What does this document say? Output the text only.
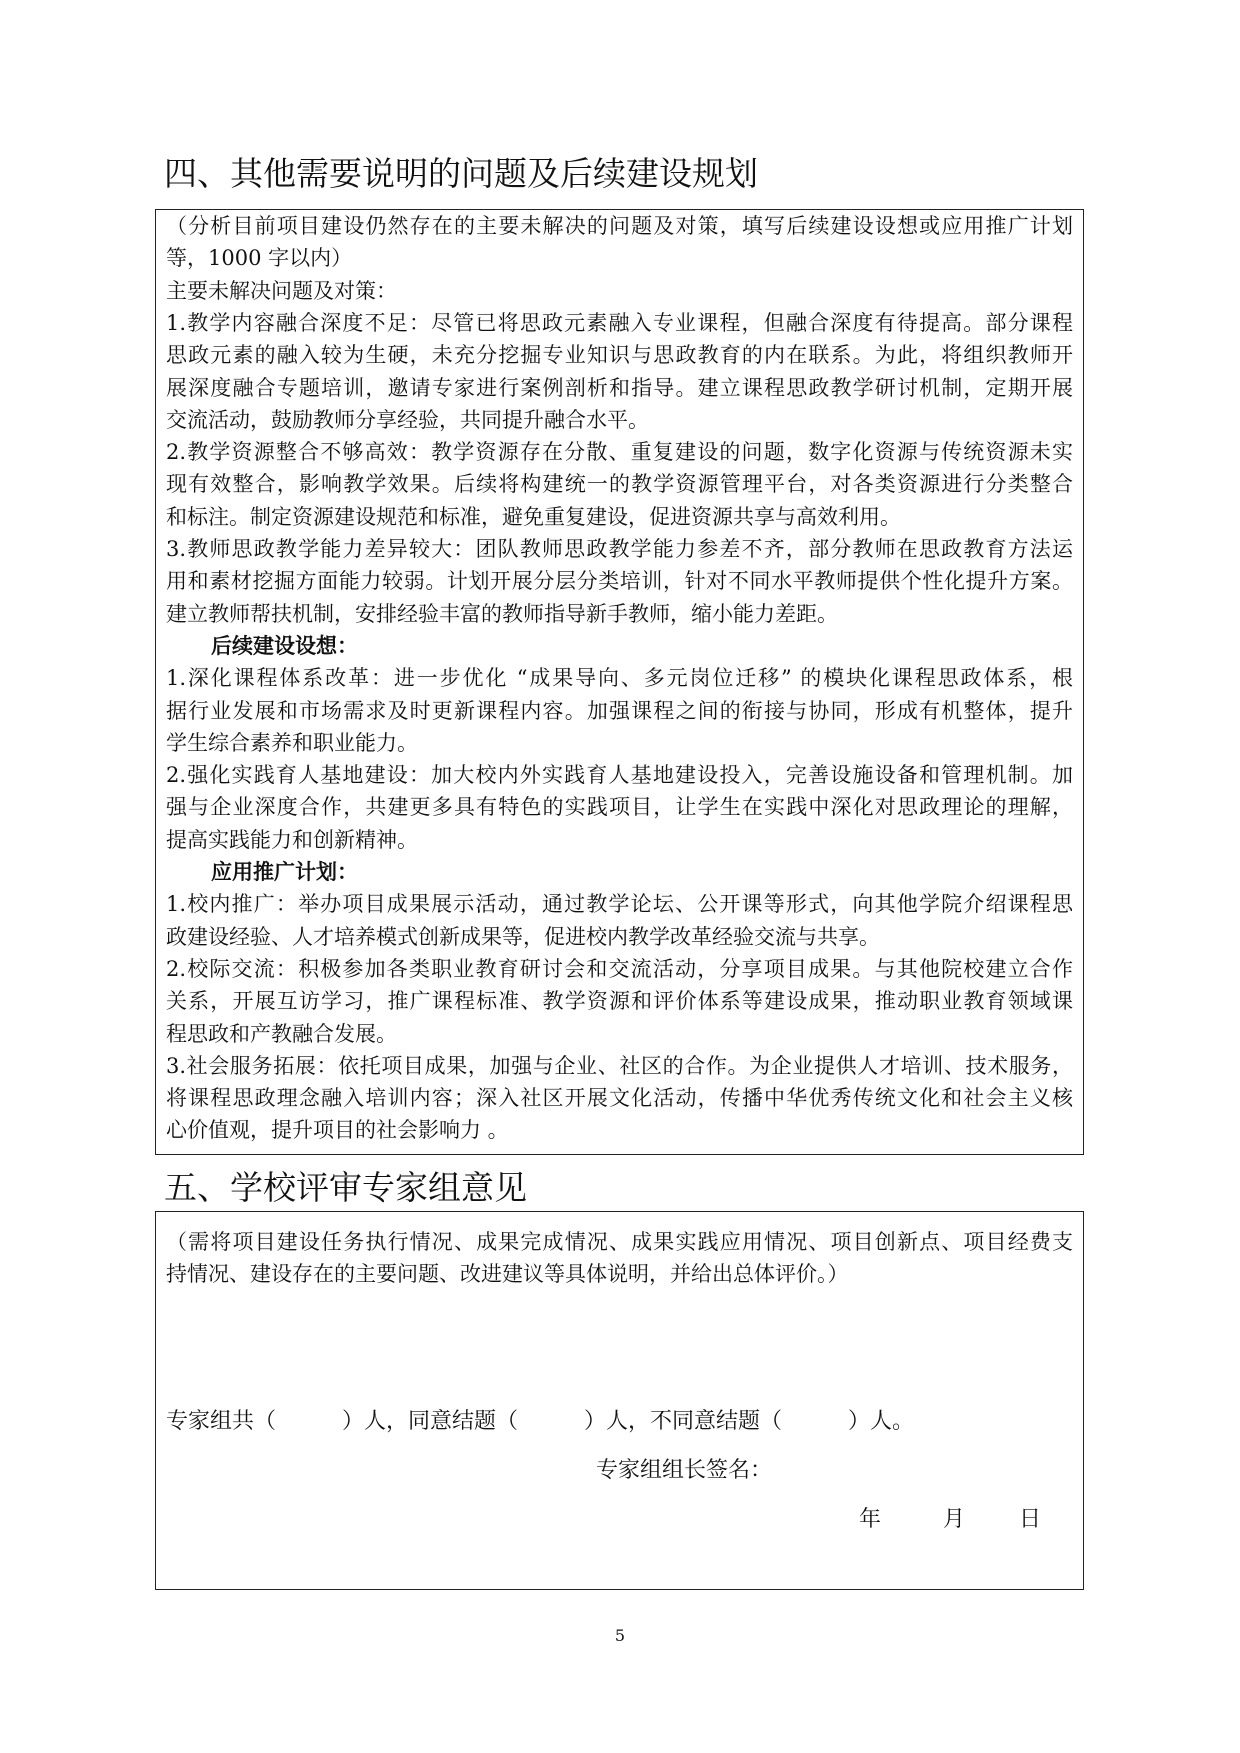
四、其他需要说明的问题及后续建设规划
（分析目前项目建设仍然存在的主要未解决的问题及对策，填写后续建设设想或应用推广计划
等，1000 字以内）
主要未解决问题及对策：
1.教学内容融合深度不足：尽管已将思政元素融入专业课程，但融合深度有待提高。部分课程
思政元素的融入较为生硬，未充分挖掘专业知识与思政教育的内在联系。为此，将组织教师开
展深度融合专题培训，邀请专家进行案例剖析和指导。建立课程思政教学研讨机制，定期开展
交流活动，鼓励教师分享经验，共同提升融合水平。
2.教学资源整合不够高效：教学资源存在分散、重复建设的问题，数字化资源与传统资源未实
现有效整合，影响教学效果。后续将构建统一的教学资源管理平台，对各类资源进行分类整合
和标注。制定资源建设规范和标准，避免重复建设，促进资源共享与高效利用。
3.教师思政教学能力差异较大：团队教师思政教学能力参差不齐，部分教师在思政教育方法运
用和素材挖掘方面能力较弱。计划开展分层分类培训，针对不同水平教师提供个性化提升方案。
建立教师帮扶机制，安排经验丰富的教师指导新手教师，缩小能力差距。
后续建设设想：
1.深化课程体系改革：进一步优化 “成果导向、多元岗位迁移” 的模块化课程思政体系，根
据行业发展和市场需求及时更新课程内容。加强课程之间的衔接与协同，形成有机整体，提升
学生综合素养和职业能力。
2.强化实践育人基地建设：加大校内外实践育人基地建设投入，完善设施设备和管理机制。加
强与企业深度合作，共建更多具有特色的实践项目，让学生在实践中深化对思政理论的理解，
提高实践能力和创新精神。
应用推广计划：
1.校内推广：举办项目成果展示活动，通过教学论坛、公开课等形式，向其他学院介绍课程思
政建设经验、人才培养模式创新成果等，促进校内教学改革经验交流与共享。
2.校际交流：积极参加各类职业教育研讨会和交流活动，分享项目成果。与其他院校建立合作
关系，开展互访学习，推广课程标准、教学资源和评价体系等建设成果，推动职业教育领域课
程思政和产教融合发展。
3.社会服务拓展：依托项目成果，加强与企业、社区的合作。为企业提供人才培训、技术服务，
将课程思政理念融入培训内容；深入社区开展文化活动，传播中华优秀传统文化和社会主义核
心价值观，提升项目的社会影响力 。
五、学校评审专家组意见
（需将项目建设任务执行情况、成果完成情况、成果实践应用情况、项目创新点、项目经费支
持情况、建设存在的主要问题、改进建议等具体说明，并给出总体评价。）
专家组共（　　　）人，同意结题（　　　）人，不同意结题（　　　）人。
专家组组长签名：
年	月 日
5
